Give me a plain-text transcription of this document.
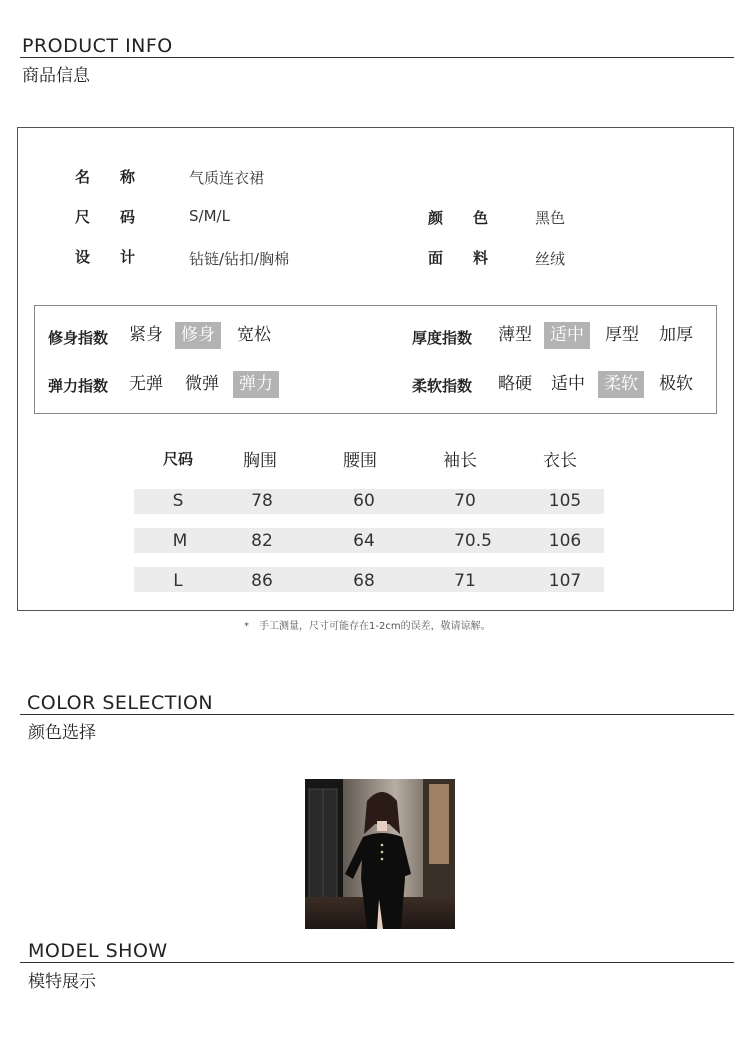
PRODUCT INFO
商品信息
名　　称	气质连衣裙
尺　　码	S/M/L	颜　　色	黑色
设　　计	钻链/钻扣/胸棉	面　　料	丝绒
修身指数	紧身	修身	宽松	厚度指数	薄型	适中	厚型	加厚
弹力指数	无弹	微弹	弹力	柔软指数	略硬	适中	柔软	极软
尺码	胸围	腰围	袖长	衣长
S	78	60	70	105
M	82	64	70.5	106
L	86	68	71	107
*　手工测量，尺寸可能存在1-2cm的误差，敬请谅解。
COLOR SELECTION
颜色选择
MODEL SHOW
模特展示
